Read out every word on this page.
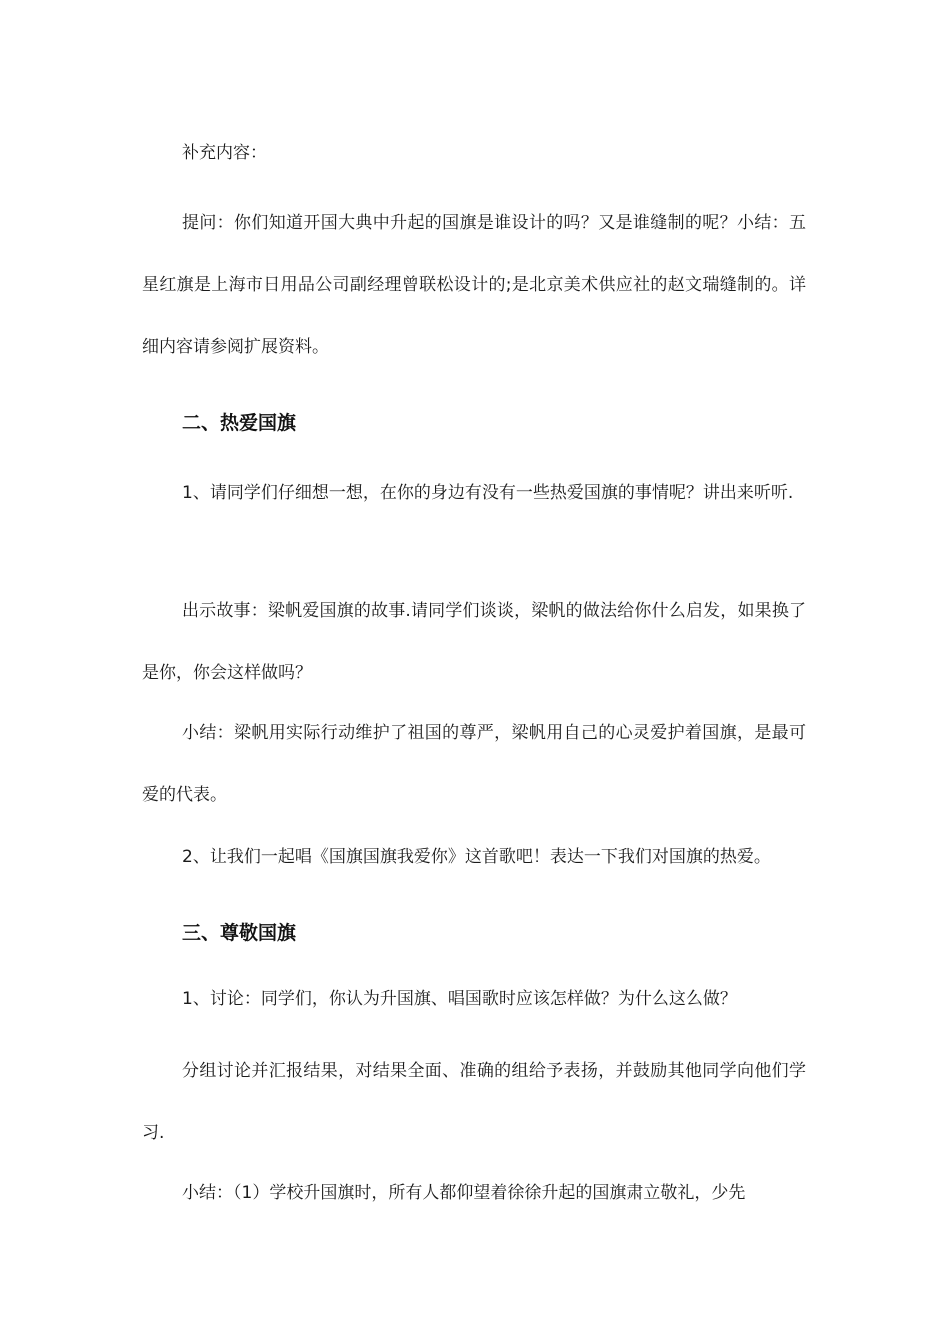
补充内容：

提问：你们知道开国大典中升起的国旗是谁设计的吗？又是谁缝制的呢？小结：五星红旗是上海市日用品公司副经理曾联松设计的;是北京美术供应社的赵文瑞缝制的。详细内容请参阅扩展资料。

二、热爱国旗

1、请同学们仔细想一想，在你的身边有没有一些热爱国旗的事情呢？讲出来听听.

出示故事：梁帆爱国旗的故事.请同学们谈谈，梁帆的做法给你什么启发，如果换了是你，你会这样做吗？

小结：梁帆用实际行动维护了祖国的尊严，梁帆用自己的心灵爱护着国旗，是最可爱的代表。

2、让我们一起唱《国旗国旗我爱你》这首歌吧！表达一下我们对国旗的热爱。

三、尊敬国旗

1、讨论：同学们，你认为升国旗、唱国歌时应该怎样做？为什么这么做？

分组讨论并汇报结果，对结果全面、准确的组给予表扬，并鼓励其他同学向他们学习.

小结：（1）学校升国旗时，所有人都仰望着徐徐升起的国旗肃立敬礼，少先
